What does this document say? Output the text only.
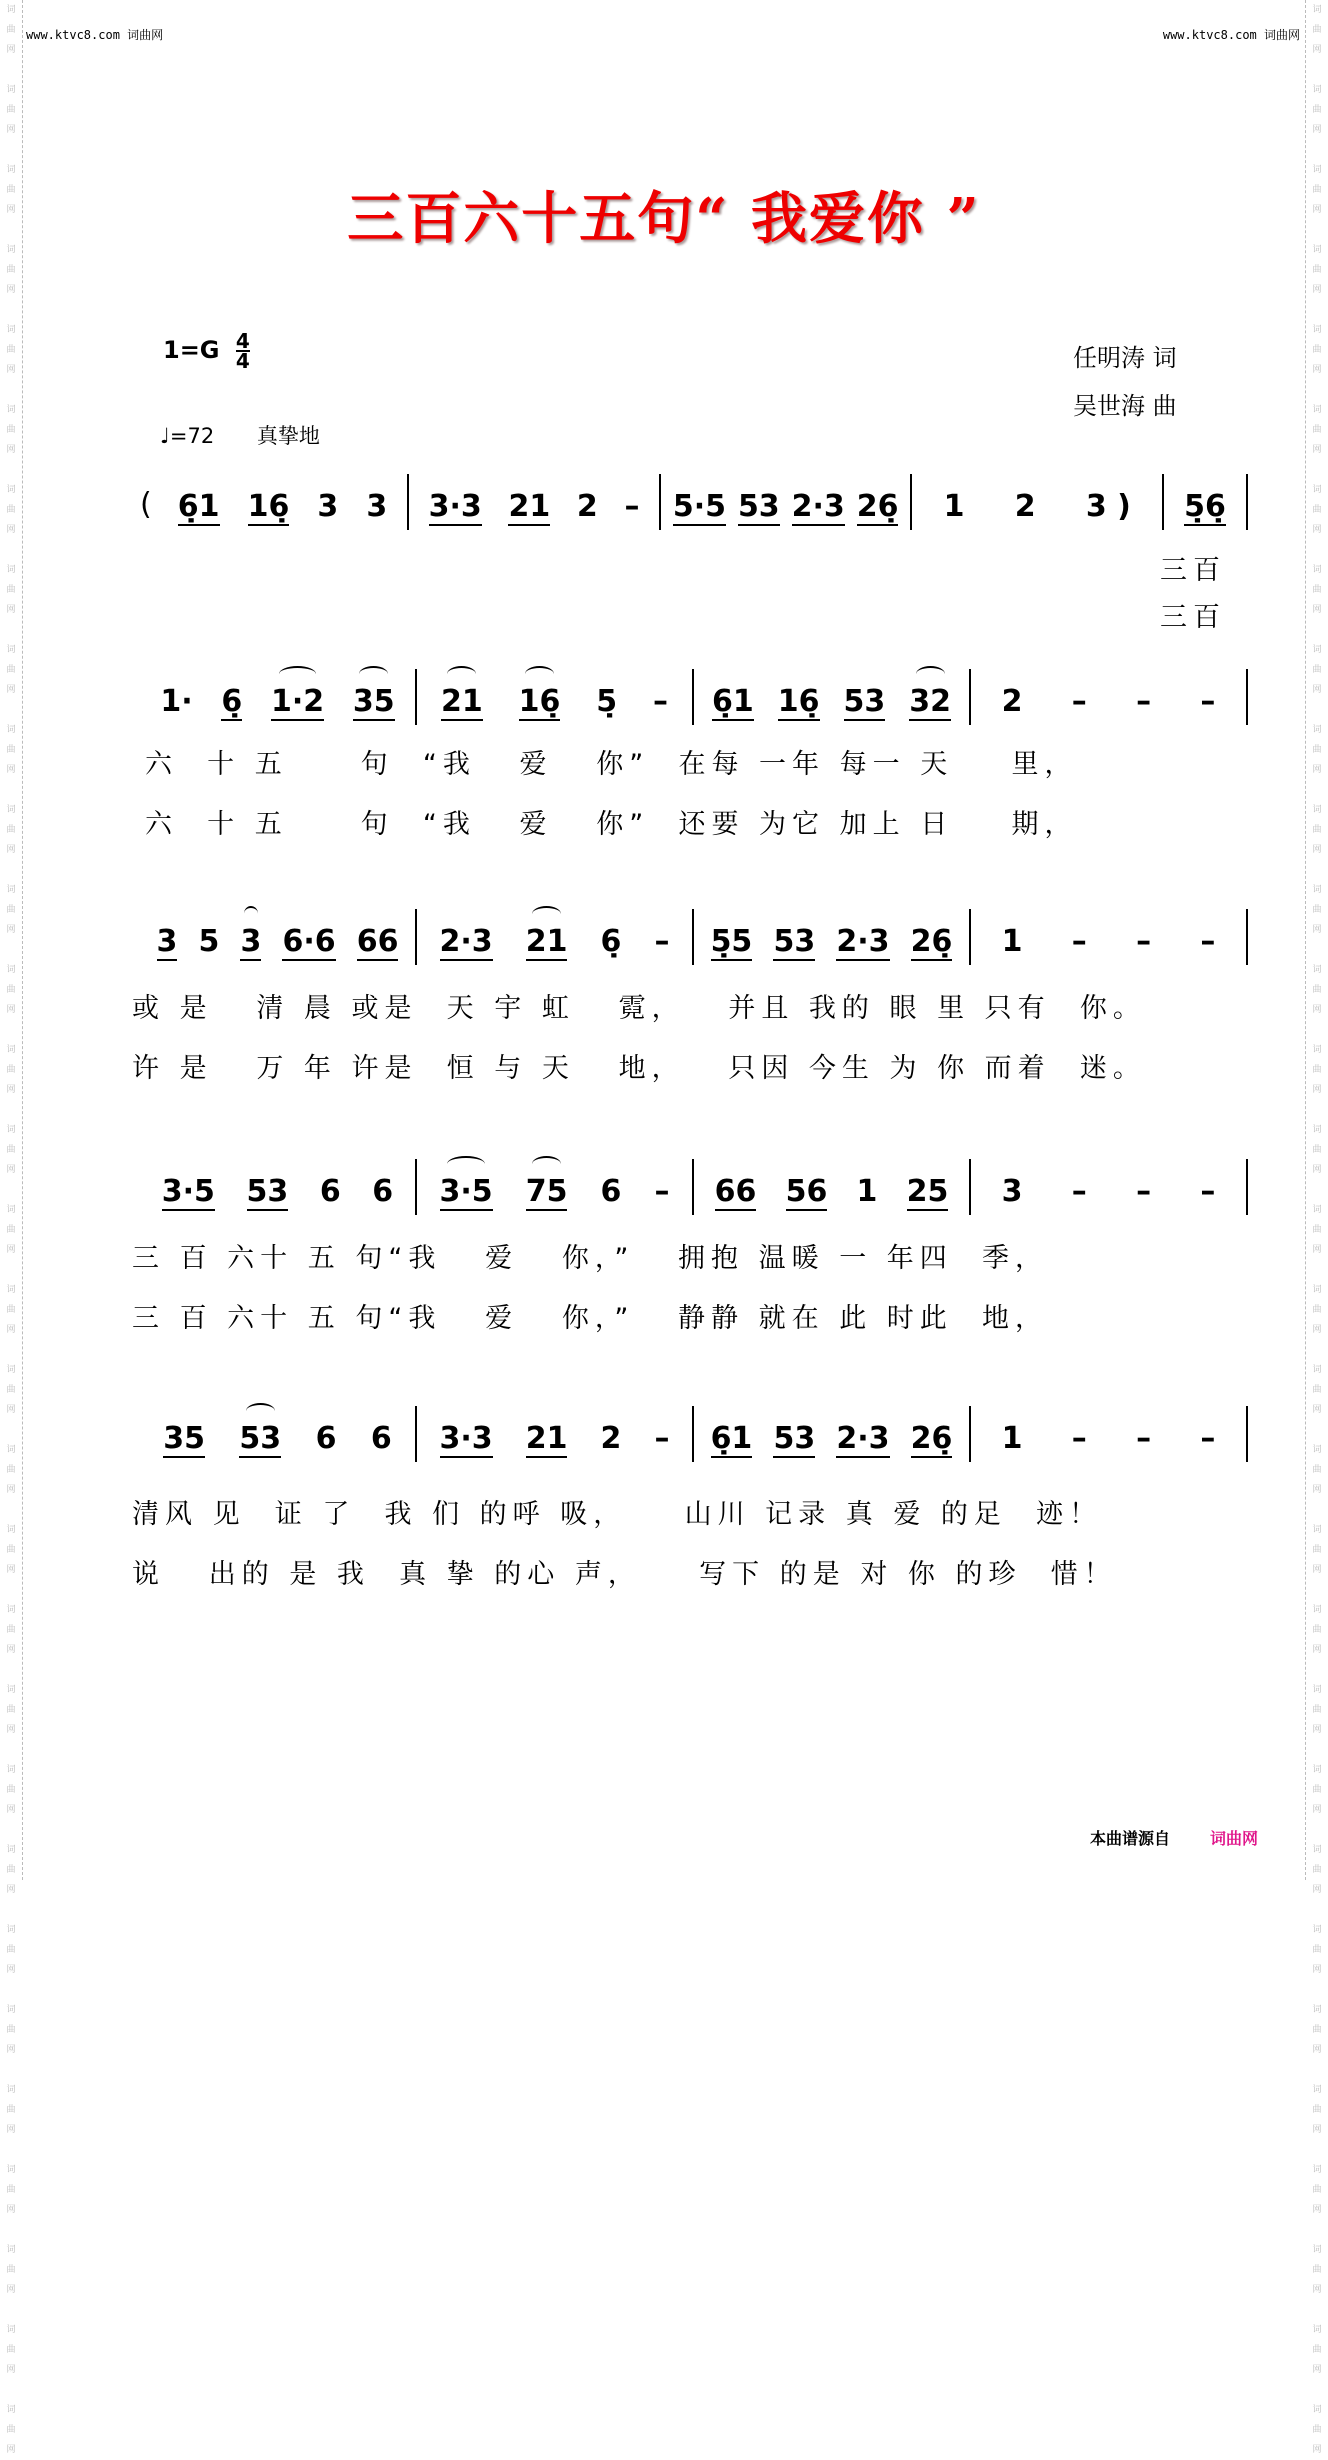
词
曲
网

词
曲
网

词
曲
网

词
曲
网

词
曲
网

词
曲
网

词
曲
网

词
曲
网

词
曲
网

词
曲
网

词
曲
网

词
曲
网

词
曲
网

词
曲
网

词
曲
网

词
曲
网

词
曲
网

词
曲
网

词
曲
网

词
曲
网

词
曲
网

词
曲
网

词
曲
网

词
曲
网

词
曲
网

词
曲
网

词
曲
网

词
曲
网

词
曲
网

词
曲
网

词
曲
网

词
曲
网

词
曲
网

词
曲
网

词
曲
网

词
曲
网

词
曲
网

词
曲
网

词
曲
网

词
曲
网

词
曲
网

词
曲
网

词
曲
网

词
曲
网

词
曲
网

词
曲
网

词
曲
网

词
曲
网

词
曲
网

词
曲
网

词
曲
网

词
曲
网

词
曲
网

词
曲
网

词
曲
网

词
曲
网

词
曲
网

词
曲
网

词
曲
网

词
曲
网

词
曲
网

词
曲
网

www.ktvc8.com 词曲网	www.ktvc8.com 词曲网
三百六十五句“ 我爱你 ”
$1=G \frac{4}{4}$
♩=72 真挚地
任明涛 词
吴世海 曲
( 6̣1 16̣ 3 3 3·3 21 2 – 5·5 53 2·3 26̣ 1 2 3 ) 5̣6̣
三百
三百
1· 6̣ 1·2 35 21 16̣ 5̣ – 6̣1 16̣ 53 32 2 – – –
六  十 五     句  “我   爱   你”  在每 一年 每一 天    里，
六  十 五     句  “我   爱   你”  还要 为它 加上 日    期，
3 5 3 6·6 66 2·3 21 6̣ – 5̣5 53 2·3 26̣ 1 – – –
或 是   清 晨 或是  天 宇 虹   霓，   并且 我的 眼 里 只有  你。
许 是   万 年 许是  恒 与 天   地，   只因 今生 为 你 而着  迷。
3·5 53 6 6 3·5 75 6 – 66 56 1 25 3 – – –
三 百 六十 五 句“我   爱   你，”   拥抱 温暖 一 年四  季，
三 百 六十 五 句“我   爱   你，”   静静 就在 此 时此  地，
35 53 6 6 3·3 21 2 – 6̣1 53 2·3 26̣ 1 – – –
清风 见  证 了  我 们 的呼 吸，    山川 记录 真 爱 的足  迹！
说   出的 是 我  真 挚 的心 声，    写下 的是 对 你 的珍  惜！
本曲谱源自	词曲网
